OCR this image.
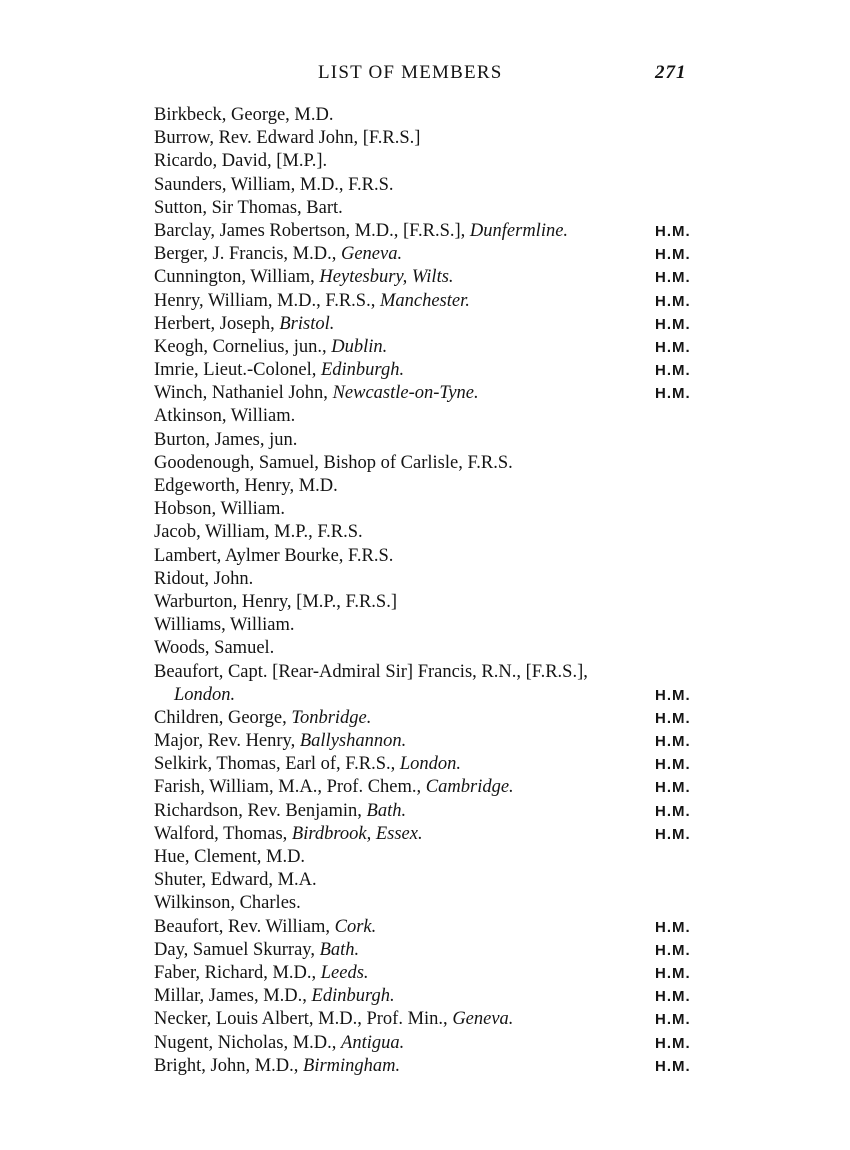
LIST OF MEMBERS	271
Birkbeck, George, M.D.
Burrow, Rev. Edward John, [F.R.S.]
Ricardo, David, [M.P.].
Saunders, William, M.D., F.R.S.
Sutton, Sir Thomas, Bart.
Barclay, James Robertson, M.D., [F.R.S.], Dunfermline.	H.M.
Berger, J. Francis, M.D., Geneva.	H.M.
Cunnington, William, Heytesbury, Wilts.	H.M.
Henry, William, M.D., F.R.S., Manchester.	H.M.
Herbert, Joseph, Bristol.	H.M.
Keogh, Cornelius, jun., Dublin.	H.M.
Imrie, Lieut.-Colonel, Edinburgh.	H.M.
Winch, Nathaniel John, Newcastle-on-Tyne.	H.M.
Atkinson, William.
Burton, James, jun.
Goodenough, Samuel, Bishop of Carlisle, F.R.S.
Edgeworth, Henry, M.D.
Hobson, William.
Jacob, William, M.P., F.R.S.
Lambert, Aylmer Bourke, F.R.S.
Ridout, John.
Warburton, Henry, [M.P., F.R.S.]
Williams, William.
Woods, Samuel.
Beaufort, Capt. [Rear-Admiral Sir] Francis, R.N., [F.R.S.],
London.	H.M.
Children, George, Tonbridge.	H.M.
Major, Rev. Henry, Ballyshannon.	H.M.
Selkirk, Thomas, Earl of, F.R.S., London.	H.M.
Farish, William, M.A., Prof. Chem., Cambridge.	H.M.
Richardson, Rev. Benjamin, Bath.	H.M.
Walford, Thomas, Birdbrook, Essex.	H.M.
Hue, Clement, M.D.
Shuter, Edward, M.A.
Wilkinson, Charles.
Beaufort, Rev. William, Cork.	H.M.
Day, Samuel Skurray, Bath.	H.M.
Faber, Richard, M.D., Leeds.	H.M.
Millar, James, M.D., Edinburgh.	H.M.
Necker, Louis Albert, M.D., Prof. Min., Geneva.	H.M.
Nugent, Nicholas, M.D., Antigua.	H.M.
Bright, John, M.D., Birmingham.	H.M.
